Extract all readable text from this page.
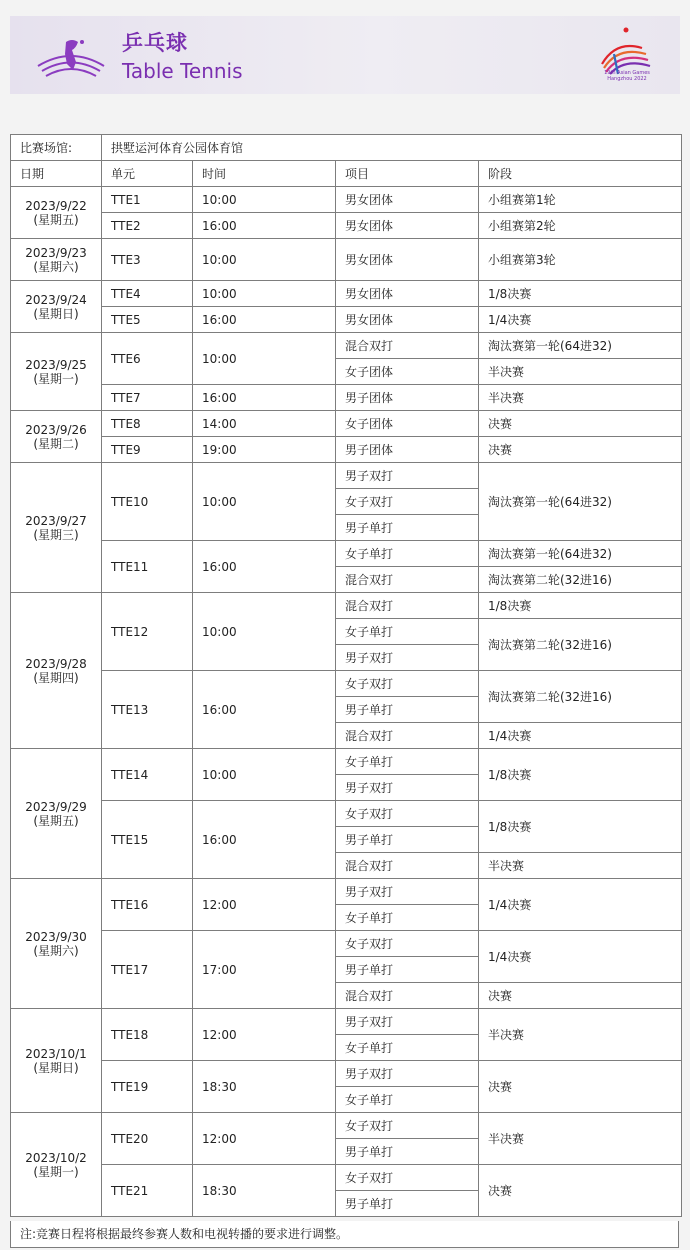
乒乓球
Table Tennis	19th Asian Games
Hangzhou 2022
比赛场馆:	拱墅运河体育公园体育馆			
日期	单元	时间	项目	阶段

2023/9/22
(星期五)	TTE1	10:00	男女团体	小组赛第1轮
	TTE2	16:00	男女团体	小组赛第2轮

2023/9/23
(星期六)	TTE3	10:00	男女团体	小组赛第3轮

2023/9/24
(星期日)	TTE4	10:00	男女团体	1/8决赛
	TTE5	16:00	男女团体	1/4决赛

2023/9/25
(星期一)	TTE6	10:00	混合双打	淘汰赛第一轮(64进32)
			女子团体	半决赛
	TTE7	16:00	男子团体	半决赛

2023/9/26
(星期二)	TTE8	14:00	女子团体	决赛
	TTE9	19:00	男子团体	决赛

2023/9/27
(星期三)	TTE10	10:00	男子双打	淘汰赛第一轮(64进32)
			女子双打	
			男子单打	
	TTE11	16:00	女子单打	淘汰赛第一轮(64进32)
			混合双打	淘汰赛第二轮(32进16)

2023/9/28
(星期四)	TTE12	10:00	混合双打	1/8决赛
			女子单打	淘汰赛第二轮(32进16)
			男子双打	
	TTE13	16:00	女子双打	淘汰赛第二轮(32进16)
			男子单打	
			混合双打	1/4决赛

2023/9/29
(星期五)	TTE14	10:00	女子单打	1/8决赛
			男子双打	
	TTE15	16:00	女子双打	1/8决赛
			男子单打	
			混合双打	半决赛

2023/9/30
(星期六)	TTE16	12:00	男子双打	1/4决赛
			女子单打	
	TTE17	17:00	女子双打	1/4决赛
			男子单打	
			混合双打	决赛

2023/10/1
(星期日)	TTE18	12:00	男子双打	半决赛
			女子单打	
	TTE19	18:30	男子双打	决赛
			女子单打	

2023/10/2
(星期一)	TTE20	12:00	女子双打	半决赛
			男子单打	
	TTE21	18:30	女子双打	决赛
			男子单打	
注:竞赛日程将根据最终参赛人数和电视转播的要求进行调整。
